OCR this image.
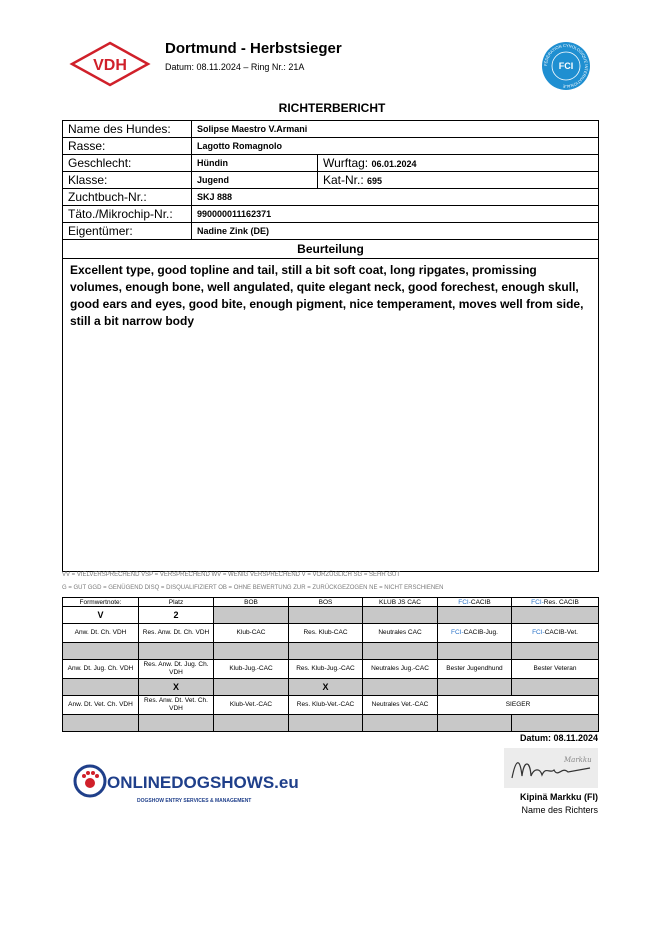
VDH
Dortmund - Herbstsieger
Datum: 08.11.2024 – Ring Nr.: 21A	FÉDÉRATION CYNOLOGIQUE INTERNATIONALE
FCI
RICHTERBERICHT
Name des Hundes:	Solipse Maestro V.Armani	
Rasse:	Lagotto Romagnolo	
Geschlecht:	Hündin	Wurftag: 06.01.2024
Klasse:	Jugend	Kat-Nr.: 695
Zuchtbuch-Nr.:	SKJ 888	
Täto./Mikrochip-Nr.:	990000011162371	
Eigentümer:	Nadine Zink (DE)	
Beurteilung		
Excellent type, good topline and tail, still a bit soft coat, long ripgates, promissing volumes, enough bone, well angulated, quite elegant neck, good forechest, enough skull, good ears and eyes, good bite, enough pigment, nice temperament, moves well from side, still a bit narrow body		
VV = VIELVERSPRECHEND VSP = VERSPRECHEND WV = WENIG VERSPRECHEND V = VORZÜGLICH SG = SEHR GUT
G = GUT GGD = GENÜGEND DISQ = DISQUALIFIZIERT OB = OHNE BEWERTUNG ZUR = ZURÜCKGEZOGEN NE = NICHT ERSCHIENEN
Formwertnote:	Platz	BOB	BOS	KLUB JS CAC	FCI-CACIB	FCI-Res. CACIB
V	2					
Anw. Dt. Ch. VDH	Res. Anw. Dt. Ch. VDH	Klub-CAC	Res. Klub-CAC	Neutrales CAC	FCI-CACIB-Jug.	FCI-CACIB-Vet.

Anw. Dt. Jug. Ch. VDH	Res. Anw. Dt. Jug. Ch. VDH	Klub-Jug.-CAC	Res. Klub-Jug.-CAC	Neutrales Jug.-CAC	Bester Jugendhund	Bester Veteran
	X		X			
Anw. Dt. Vet. Ch. VDH	Res. Anw. Dt. Vet. Ch. VDH	Klub-Vet.-CAC	Res. Klub-Vet.-CAC	Neutrales Vet.-CAC	SIEGER	

Datum: 08.11.2024
Markku
Kipinä Markku (FI)
Name des Richters
ONLINEDOGSHOWS.eu
DOGSHOW ENTRY SERVICES & MANAGEMENT
